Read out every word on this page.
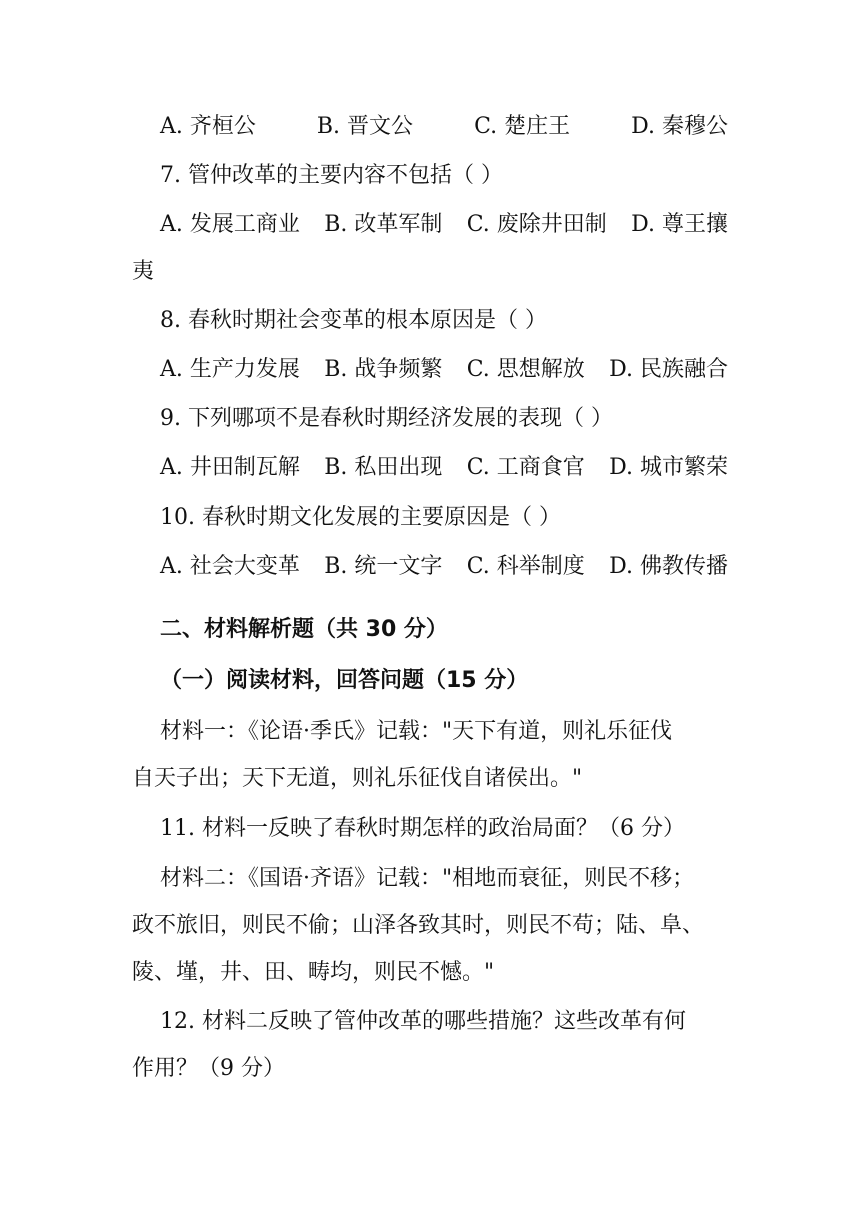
A. 齐桓公	B. 晋文公	C. 楚庄王	D. 秦穆公
7. 管仲改革的主要内容不包括（ ）
A. 发展工商业 B. 改革军制 C. 废除井田制 D. 尊王攘
夷
8. 春秋时期社会变革的根本原因是（ ）
A. 生产力发展 B. 战争频繁 C. 思想解放 D. 民族融合
9. 下列哪项不是春秋时期经济发展的表现（ ）
A. 井田制瓦解 B. 私田出现 C. 工商食官 D. 城市繁荣
10. 春秋时期文化发展的主要原因是（ ）
A. 社会大变革 B. 统一文字 C. 科举制度 D. 佛教传播
二、材料解析题（共 30 分）
（一）阅读材料，回答问题（15 分）
材料一：《论语·季氏》记载："天下有道，则礼乐征伐
自天子出；天下无道，则礼乐征伐自诸侯出。"
11. 材料一反映了春秋时期怎样的政治局面？（6 分）
材料二：《国语·齐语》记载："相地而衰征，则民不移；
政不旅旧，则民不偷；山泽各致其时，则民不苟；陆、阜、
陵、墐，井、田、畴均，则民不憾。"
12. 材料二反映了管仲改革的哪些措施？这些改革有何
作用？（9 分）
